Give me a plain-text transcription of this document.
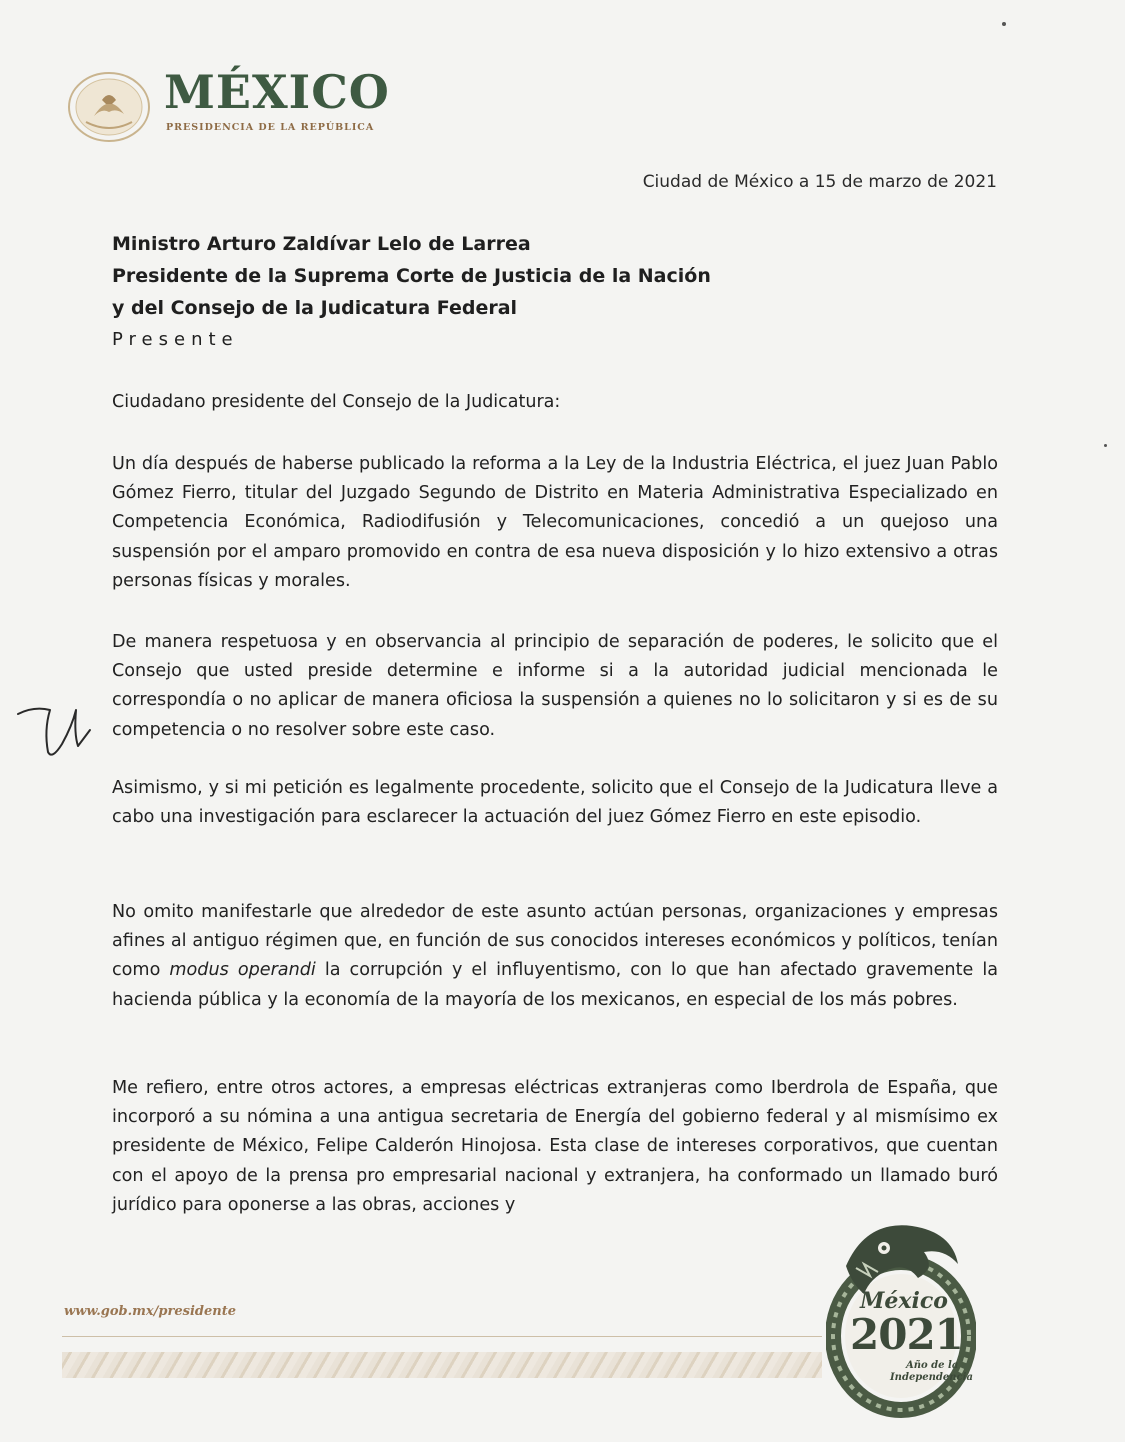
MÉXICO
PRESIDENCIA DE LA REPÚBLICA
Ciudad de México a 15 de marzo de 2021
Ministro Arturo Zaldívar Lelo de Larrea
Presidente de la Suprema Corte de Justicia de la Nación
y del Consejo de la Judicatura Federal
Presente
Ciudadano presidente del Consejo de la Judicatura:
Un día después de haberse publicado la reforma a la Ley de la Industria Eléctrica, el juez Juan Pablo Gómez Fierro, titular del Juzgado Segundo de Distrito en Materia Administrativa Especializado en Competencia Económica, Radiodifusión y Telecomunicaciones, concedió a un quejoso una suspensión por el amparo promovido en contra de esa nueva disposición y lo hizo extensivo a otras personas físicas y morales.
De manera respetuosa y en observancia al principio de separación de poderes, le solicito que el Consejo que usted preside determine e informe si a la autoridad judicial mencionada le correspondía o no aplicar de manera oficiosa la suspensión a quienes no lo solicitaron y si es de su competencia o no resolver sobre este caso.
Asimismo, y si mi petición es legalmente procedente, solicito que el Consejo de la Judicatura lleve a cabo una investigación para esclarecer la actuación del juez Gómez Fierro en este episodio.
No omito manifestarle que alrededor de este asunto actúan personas, organizaciones y empresas afines al antiguo régimen que, en función de sus conocidos intereses económicos y políticos, tenían como modus operandi la corrupción y el influyentismo, con lo que han afectado gravemente la hacienda pública y la economía de la mayoría de los mexicanos, en especial de los más pobres.
Me refiero, entre otros actores, a empresas eléctricas extranjeras como Iberdrola de España, que incorporó a su nómina a una antigua secretaria de Energía del gobierno federal y al mismísimo ex presidente de México, Felipe Calderón Hinojosa. Esta clase de intereses corporativos, que cuentan con el apoyo de la prensa pro empresarial nacional y extranjera, ha conformado un llamado buró jurídico para oponerse a las obras, acciones y
www.gob.mx/presidente	México
2021
Año de la
Independencia
